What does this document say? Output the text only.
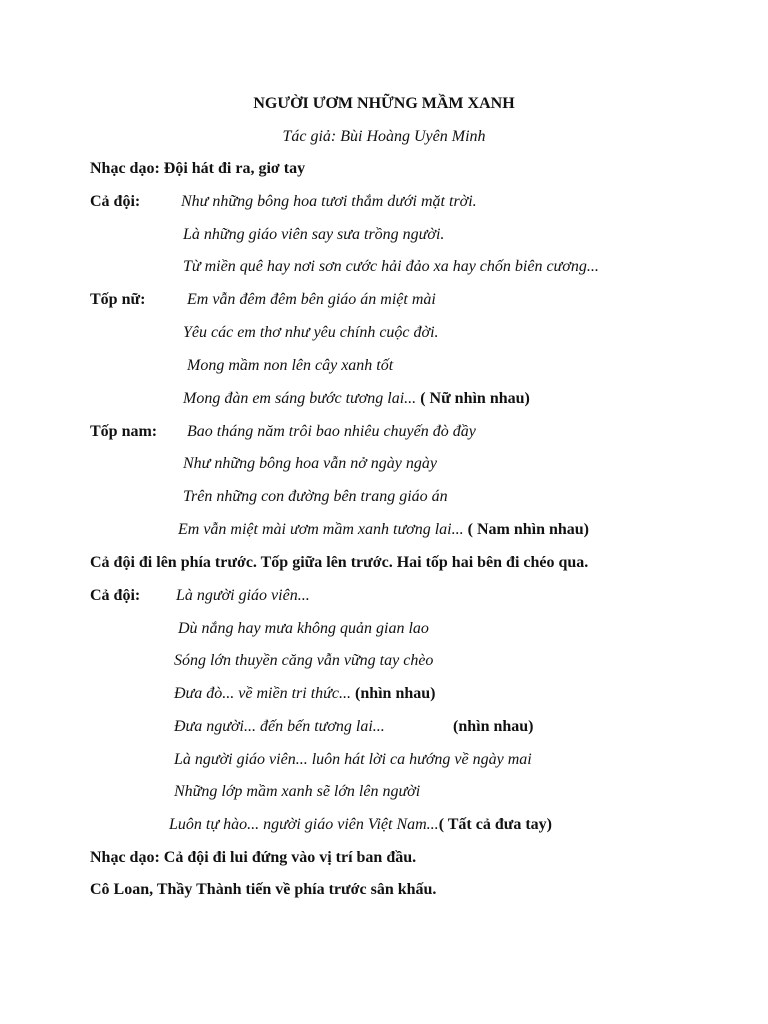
NGƯỜI ƯƠM NHỮNG MẦM XANH
Tác giả: Bùi Hoàng Uyên Minh
Nhạc dạo: Đội hát đi ra, giơ tay
Cả đội:	Như những bông hoa tươi thắm dưới mặt trời.
Là những giáo viên say sưa trồng người.
Từ miền quê hay nơi sơn cước hải đảo xa hay chốn biên cương...
Tốp nữ:	Em vẫn đêm đêm bên giáo án miệt mài
Yêu các em thơ như yêu chính cuộc đời.
Mong mầm non lên cây xanh tốt
Mong đàn em sáng bước tương lai... ( Nữ nhìn nhau)
Tốp nam: Bao tháng năm trôi bao nhiêu chuyến đò đầy
Như những bông hoa vẫn nở ngày ngày
Trên những con đường bên trang giáo án
Em vẫn miệt mài ươm mầm xanh tương lai... ( Nam nhìn nhau)
Cả đội đi lên phía trước. Tốp giữa lên trước. Hai tốp hai bên đi chéo qua.
Cả đội: Là người giáo viên...
Dù nắng hay mưa không quản gian lao
Sóng lớn thuyền căng vẫn vững tay chèo
Đưa đò... về miền tri thức... (nhìn nhau)
Đưa người... đến bến tương lai...	(nhìn nhau)
Là người giáo viên... luôn hát lời ca hướng về ngày mai
Những lớp mầm xanh sẽ lớn lên người
Luôn tự hào... người giáo viên Việt Nam...( Tất cả đưa tay)
Nhạc dạo: Cả đội đi lui đứng vào vị trí ban đầu.
Cô Loan, Thầy Thành tiến về phía trước sân khấu.
